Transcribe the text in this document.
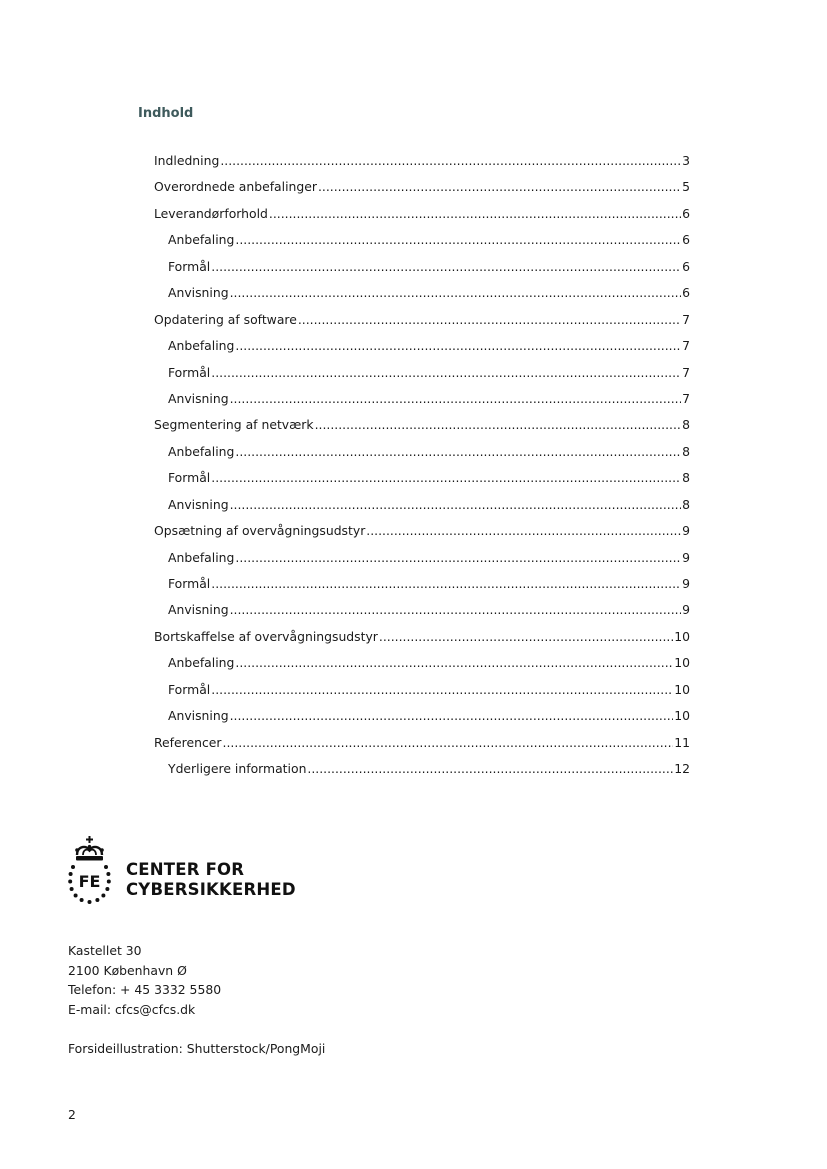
Indhold
Indledning .....	3
Overordnede anbefalinger .....	5
Leverandørforhold .....	6
Anbefaling .....	6
Formål .....	6
Anvisning .....	6
Opdatering af software .....	7
Anbefaling .....	7
Formål .....	7
Anvisning .....	7
Segmentering af netværk .....	8
Anbefaling .....	8
Formål .....	8
Anvisning .....	8
Opsætning af overvågningsudstyr .....	9
Anbefaling .....	9
Formål .....	9
Anvisning .....	9
Bortskaffelse af overvågningsudstyr .....	10
Anbefaling .....	10
Formål .....	10
Anvisning .....	10
Referencer .....	11
Yderligere information .....	12
FE
CENTER FOR
CYBERSIKKERHED
Kastellet 30
2100 København Ø
Telefon: + 45 3332 5580
E-mail: cfcs@cfcs.dk
Forsideillustration: Shutterstock/PongMoji
2
